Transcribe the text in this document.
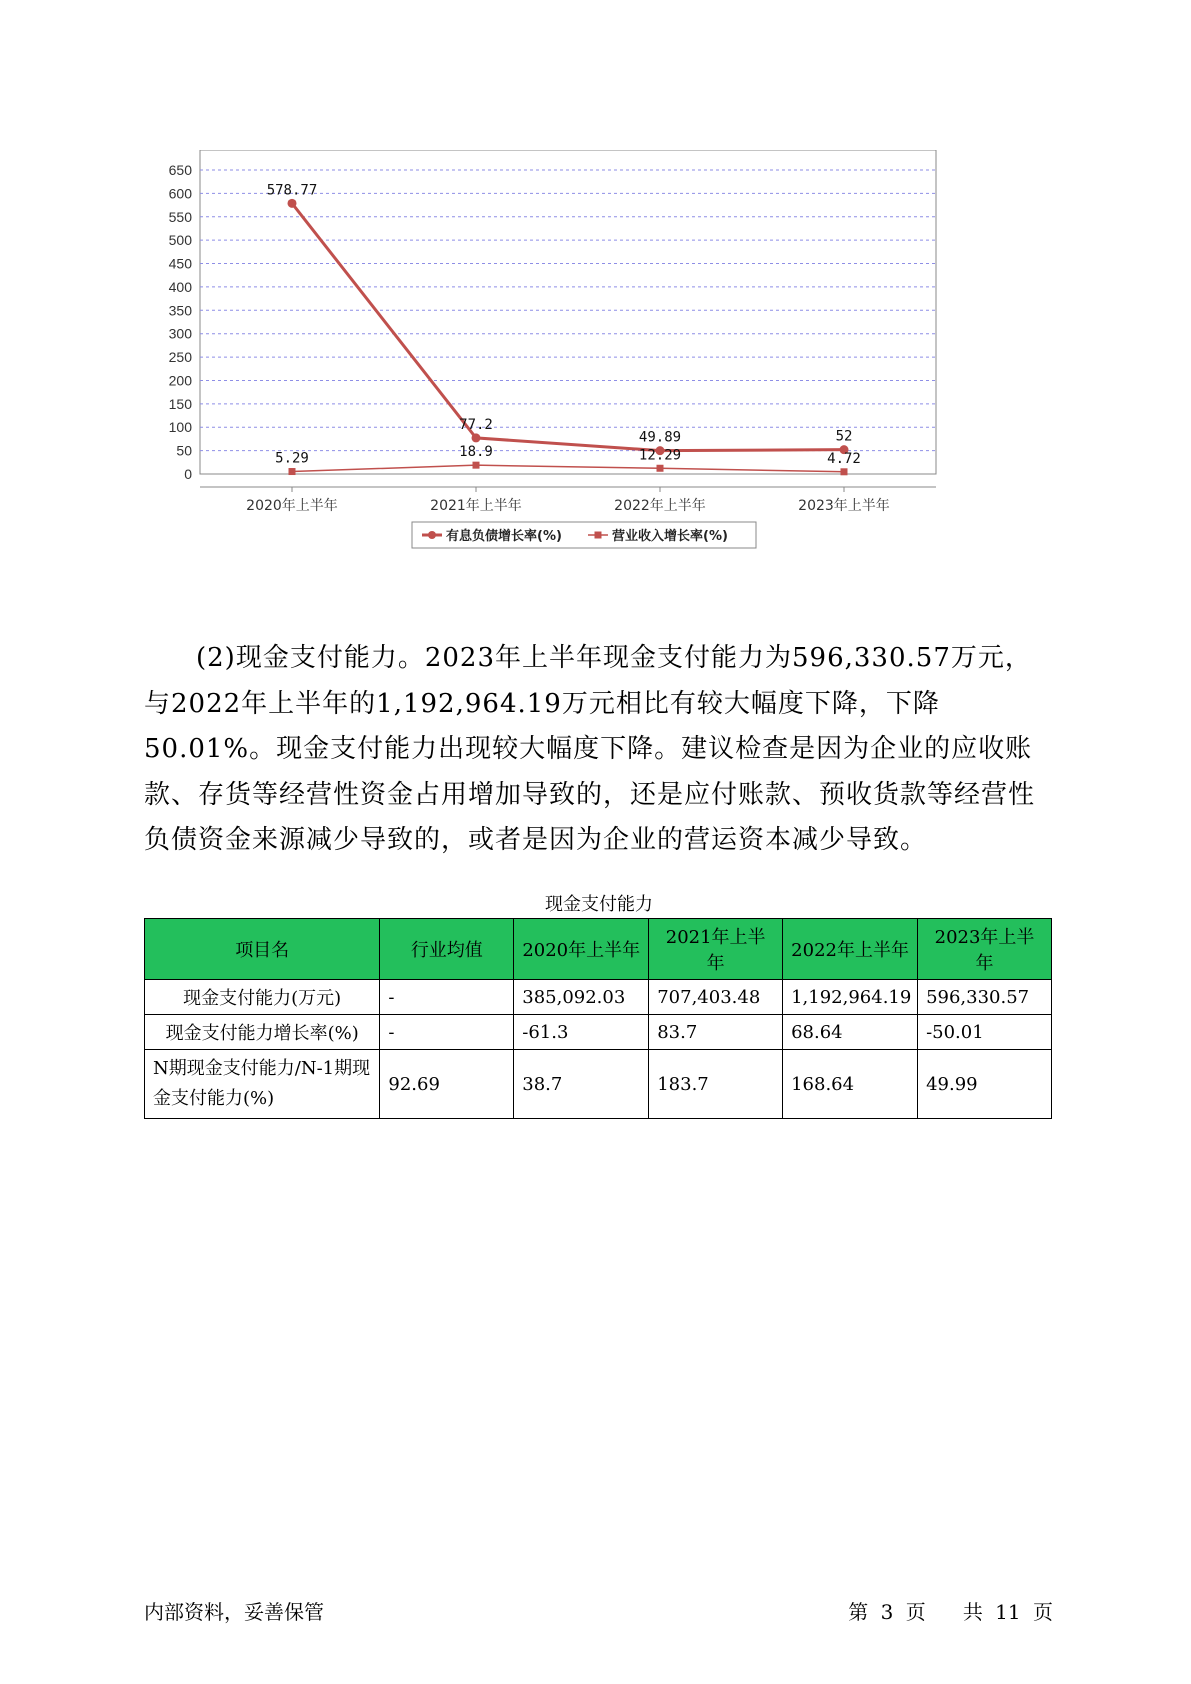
650
600
550
500
450
400
350
300
250
200
150
100
50
0
2020年上半年	2021年上半年	2022年上半年	2023年上半年
578.77
77.2
49.89	52
5.29	18.9	12.29	4.72
有息负债增长率(%)	营业收入增长率(%)

(2)现金支付能力。2023年上半年现金支付能力为596,330.57万元，与2022年上半年的1,192,964.19万元相比有较大幅度下降，下降50.01%。现金支付能力出现较大幅度下降。建议检查是因为企业的应收账款、存货等经营性资金占用增加导致的，还是应付账款、预收货款等经营性负债资金来源减少导致的，或者是因为企业的营运资本减少导致。

现金支付能力
项目名	行业均值	2020年上半年	2021年上半年	2022年上半年	2023年上半年
现金支付能力(万元)	-	385,092.03	707,403.48	1,192,964.19	596,330.57
现金支付能力增长率(%)	-	-61.3	83.7	68.64	-50.01
N期现金支付能力/N-1期现金支付能力(%)	92.69	38.7	183.7	168.64	49.99
内部资料，妥善保管	第 3 页 共 11 页
